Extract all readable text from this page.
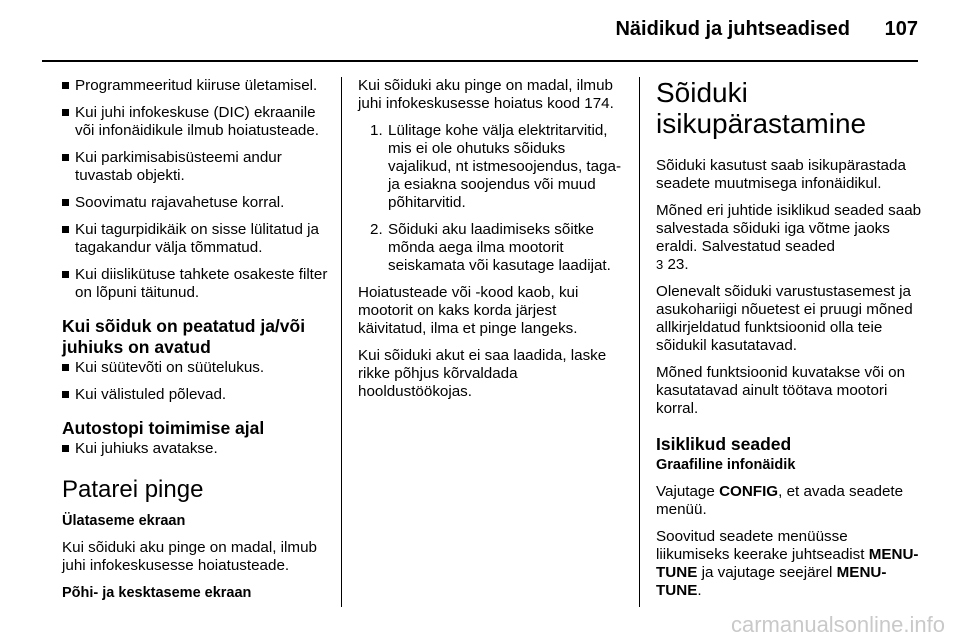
Näidikud ja juhtseadised	107
Programmeeritud kiiruse ületamisel.
Kui juhi infokeskuse (DIC) ekraanile või infonäidikule ilmub hoiatusteade.
Kui parkimisabisüsteemi andur tuvastab objekti.
Soovimatu rajavahetuse korral.
Kui tagurpidikäik on sisse lülitatud ja tagakandur välja tõmmatud.
Kui diislikütuse tahkete osakeste filter on lõpuni täitunud.
Kui sõiduk on peatatud ja/või juhiuks on avatud
Kui süütevõti on süütelukus.
Kui välistuled põlevad.
Autostopi toimimise ajal
Kui juhiuks avatakse.
Patarei pinge
Ülataseme ekraan

Kui sõiduki aku pinge on madal, ilmub juhi infokeskusesse hoiatusteade.

Põhi- ja kesktaseme ekraan

Kui sõiduki aku pinge on madal, ilmub juhi infokeskusesse hoiatus kood 174.

1. Lülitage kohe välja elektritarvitid, mis ei ole ohutuks sõiduks vajalikud, nt istmesoojendus, taga- ja esiakna soojendus või muud põhitarvitid.
2. Sõiduki aku laadimiseks sõitke mõnda aega ilma mootorit seiskamata või kasutage laadijat.

Hoiatusteade või -kood kaob, kui mootorit on kaks korda järjest käivitatud, ilma et pinge langeks.

Kui sõiduki akut ei saa laadida, laske rikke põhjus kõrvaldada hooldustöökojas.

Sõiduki isikupärastamine

Sõiduki kasutust saab isikupärastada seadete muutmisega infonäidikul.

Mõned eri juhtide isiklikud seaded saab salvestada sõiduki iga võtme jaoks eraldi. Salvestatud seaded
3 23.

Olenevalt sõiduki varustustasemest ja asukohariigi nõuetest ei pruugi mõned allkirjeldatud funktsioonid olla teie sõidukil kasutatavad.

Mõned funktsioonid kuvatakse või on kasutatavad ainult töötava mootori korral.

Isiklikud seaded
Graafiline infonäidik

Vajutage CONFIG, et avada seadete menüü.

Soovitud seadete menüüsse liikumiseks keerake juhtseadist MENU-TUNE ja vajutage seejärel MENU-TUNE.

carmanualsonline.info
